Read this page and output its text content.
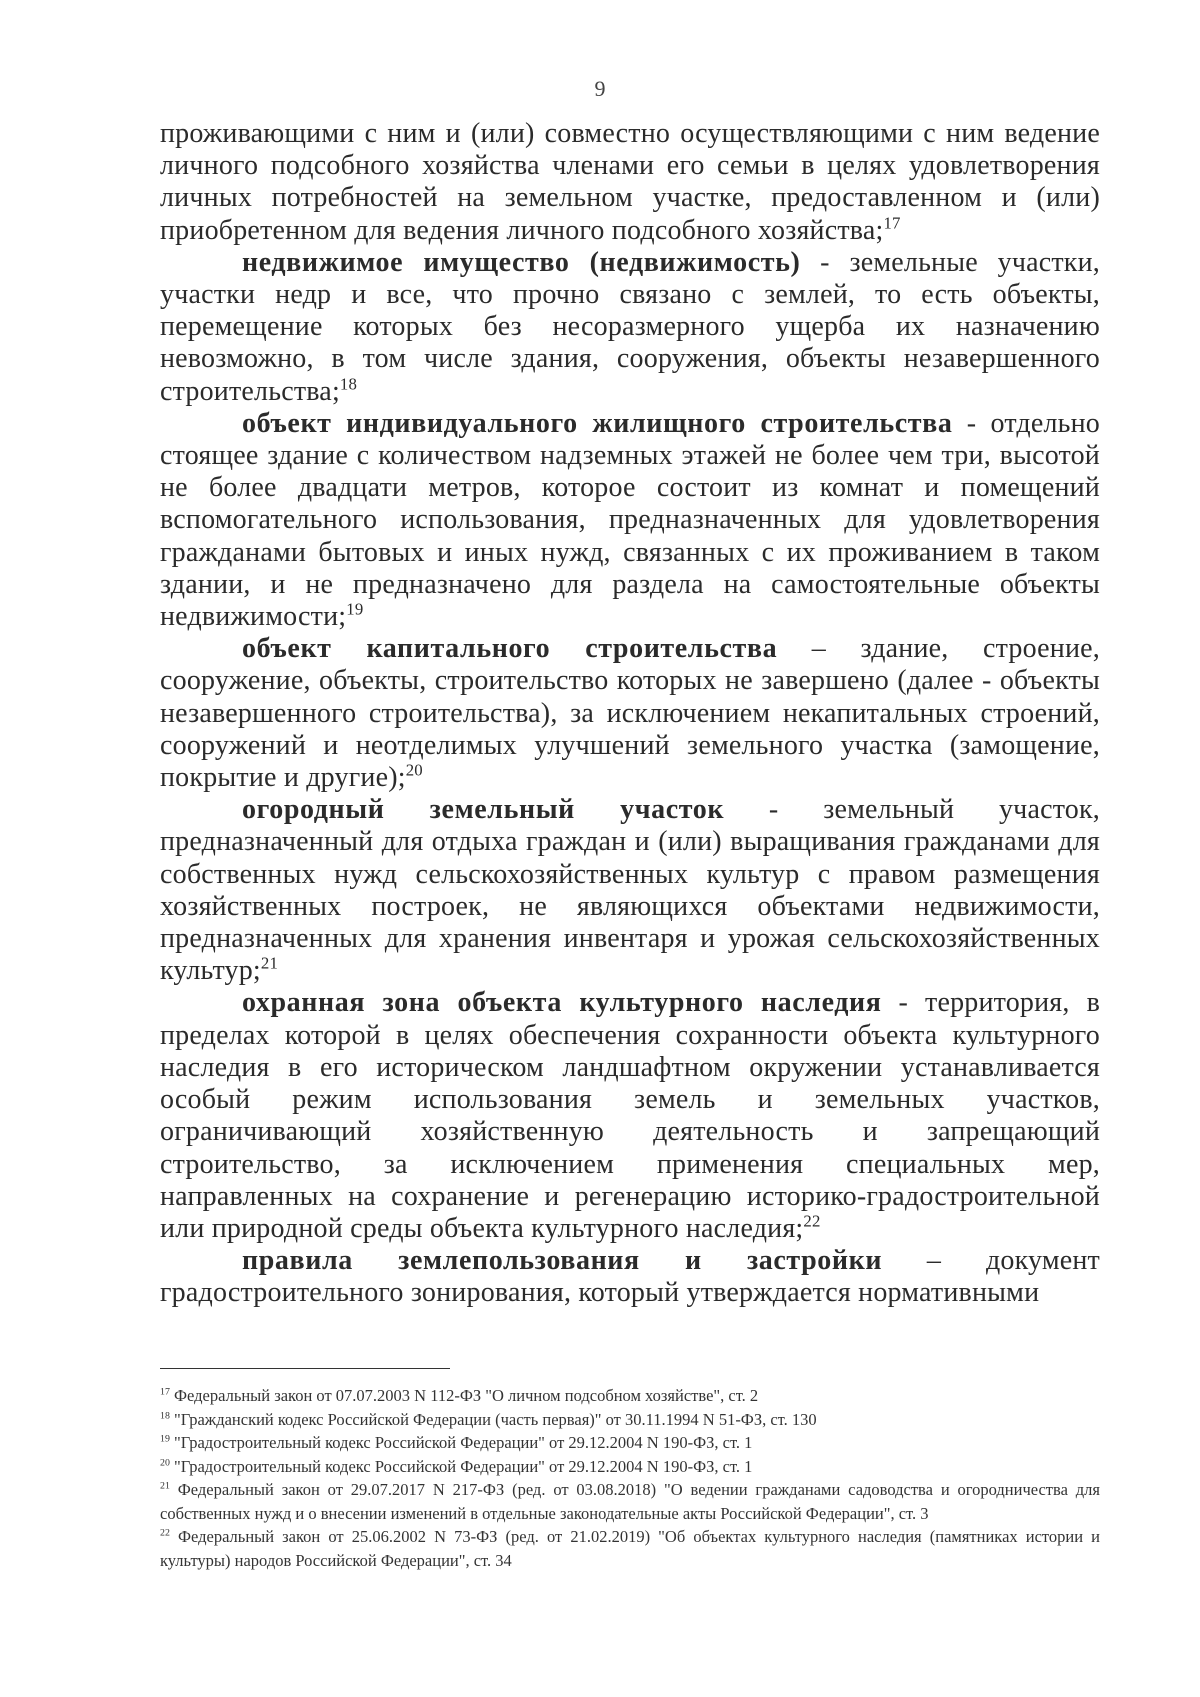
9

проживающими с ним и (или) совместно осуществляющими с ним ведение личного подсобного хозяйства членами его семьи в целях удовлетворения личных потребностей на земельном участке, предоставленном и (или) приобретенном для ведения личного подсобного хозяйства;$^{17}$

недвижимое имущество (недвижимость) - земельные участки, участки недр и все, что прочно связано с землей, то есть объекты, перемещение которых без несоразмерного ущерба их назначению невозможно, в том числе здания, сооружения, объекты незавершенного строительства;$^{18}$

объект индивидуального жилищного строительства - отдельно стоящее здание с количеством надземных этажей не более чем три, высотой не более двадцати метров, которое состоит из комнат и помещений вспомогательного использования, предназначенных для удовлетворения гражданами бытовых и иных нужд, связанных с их проживанием в таком здании, и не предназначено для раздела на самостоятельные объекты недвижимости;$^{19}$

объект капитального строительства – здание, строение, сооружение, объекты, строительство которых не завершено (далее - объекты незавершенного строительства), за исключением некапитальных строений, сооружений и неотделимых улучшений земельного участка (замощение, покрытие и другие);$^{20}$

огородный земельный участок - земельный участок, предназначенный для отдыха граждан и (или) выращивания гражданами для собственных нужд сельскохозяйственных культур с правом размещения хозяйственных построек, не являющихся объектами недвижимости, предназначенных для хранения инвентаря и урожая сельскохозяйственных культур;$^{21}$

охранная зона объекта культурного наследия - территория, в пределах которой в целях обеспечения сохранности объекта культурного наследия в его историческом ландшафтном окружении устанавливается особый режим использования земель и земельных участков, ограничивающий хозяйственную деятельность и запрещающий строительство, за исключением применения специальных мер, направленных на сохранение и регенерацию историко-градостроительной или природной среды объекта культурного наследия;$^{22}$

правила землепользования и застройки – документ градостроительного зонирования, который утверждается нормативными

$^{17}$ Федеральный закон от 07.07.2003 N 112-ФЗ "О личном подсобном хозяйстве", ст. 2

$^{18}$ "Гражданский кодекс Российской Федерации (часть первая)" от 30.11.1994 N 51-ФЗ, ст. 130

$^{19}$ "Градостроительный кодекс Российской Федерации" от 29.12.2004 N 190-ФЗ, ст. 1

$^{20}$ "Градостроительный кодекс Российской Федерации" от 29.12.2004 N 190-ФЗ, ст. 1

$^{21}$ Федеральный закон от 29.07.2017 N 217-ФЗ (ред. от 03.08.2018) "О ведении гражданами садоводства и огородничества для собственных нужд и о внесении изменений в отдельные законодательные акты Российской Федерации", ст. 3

$^{22}$ Федеральный закон от 25.06.2002 N 73-ФЗ (ред. от 21.02.2019) "Об объектах культурного наследия (памятниках истории и культуры) народов Российской Федерации", ст. 34
